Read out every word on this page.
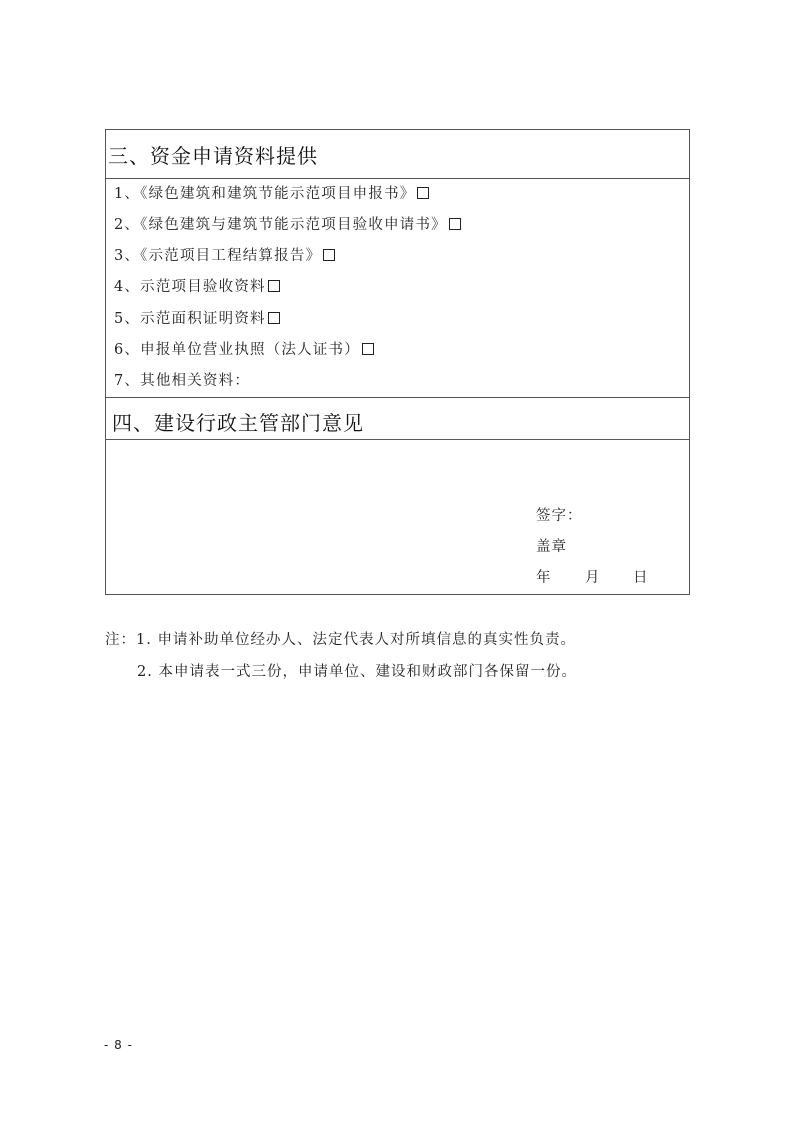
三、资金申请资料提供
1、《绿色建筑和建筑节能示范项目申报书》
2、《绿色建筑与建筑节能示范项目验收申请书》
3、《示范项目工程结算报告》
4、示范项目验收资料
5、示范面积证明资料
6、申报单位营业执照（法人证书）
7、其他相关资料：
四、建设行政主管部门意见
签字：
盖章
年 月 日
注：1. 申请补助单位经办人、法定代表人对所填信息的真实性负责。
2. 本申请表一式三份，申请单位、建设和财政部门各保留一份。
- 8 -
